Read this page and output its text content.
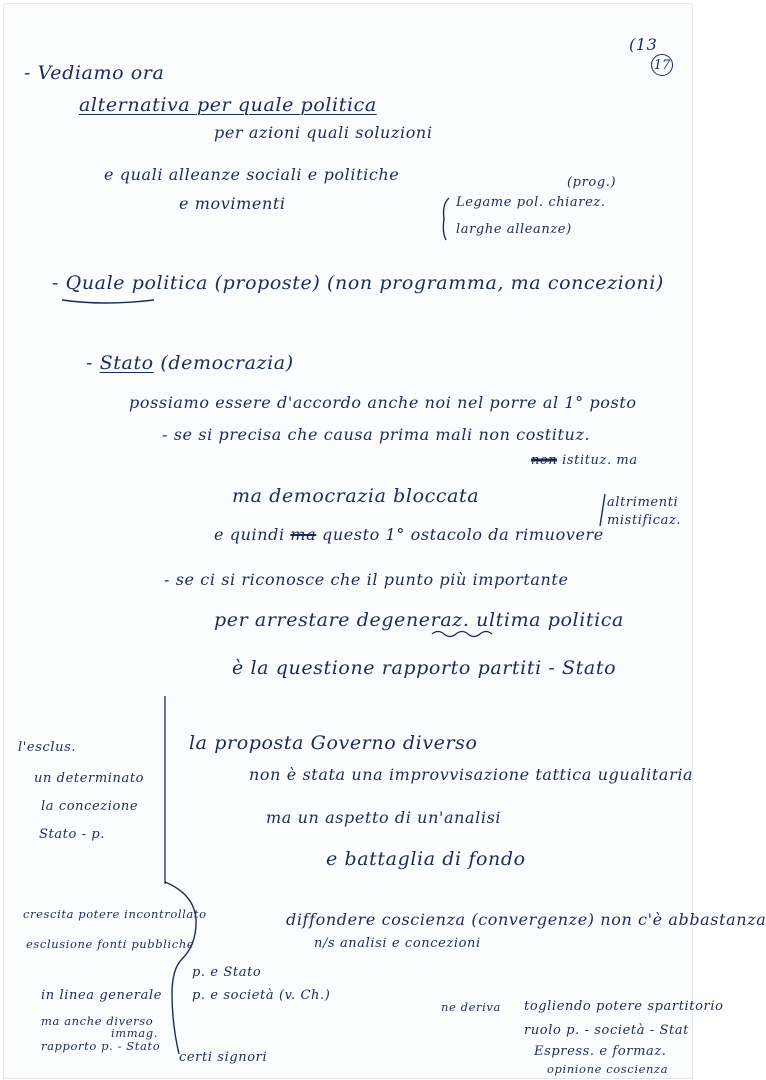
(13

17

- Vediamo ora

alternativa per quale politica

per azioni quali soluzioni

e quali alleanze sociali e politiche

e movimenti

(prog.)

Legame pol. chiarez.

larghe alleanze)

- Quale politica (proposte) (non programma, ma concezioni)

- Stato (democrazia)

possiamo essere d'accordo anche noi nel porre al 1° posto

- se si precisa che causa prima mali non costituz.

non istituz. ma

ma democrazia bloccata	altrimenti mistificaz.

e quindi ma questo 1° ostacolo da rimuovere

- se ci si riconosce che il punto più importante

per arrestare degeneraz. ultima politica

è la questione rapporto partiti - Stato

la proposta Governo diverso

non è stata una improvvisazione tattica ugualitaria

ma un aspetto di un'analisi

e battaglia di fondo

diffondere coscienza (convergenze) non c'è abbastanza

n/s analisi e concezioni

p. e Stato

p. e società (v. Ch.)

certi signori

ne deriva togliendo potere spartitorio

ruolo p. - società - Stat

Espress. e formaz.

opinione coscienza

l'esclus.

un determinato

la concezione

Stato - p.

crescita potere incontrollato

esclusione fonti pubbliche

in linea generale

ma anche diverso

immag.

rapporto p. - Stato
